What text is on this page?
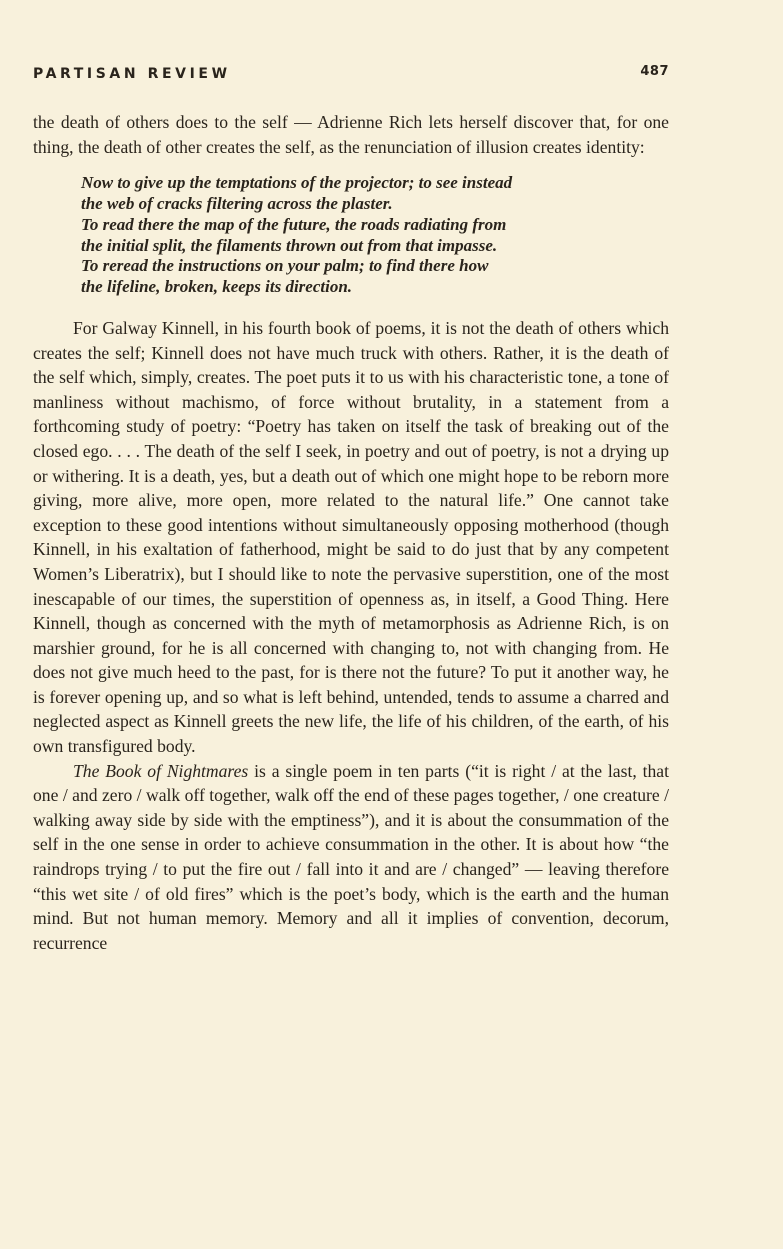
PARTISAN REVIEW	487

the death of others does to the self — Adrienne Rich lets herself discover that, for one thing, the death of other creates the self, as the renunciation of illusion creates identity:

Now to give up the temptations of the projector; to see instead
the web of cracks filtering across the plaster.
To read there the map of the future, the roads radiating from
the initial split, the filaments thrown out from that impasse.
To reread the instructions on your palm; to find there how
the lifeline, broken, keeps its direction.

For Galway Kinnell, in his fourth book of poems, it is not the death of others which creates the self; Kinnell does not have much truck with others. Rather, it is the death of the self which, simply, creates. The poet puts it to us with his characteristic tone, a tone of manliness without machismo, of force without brutality, in a statement from a forthcoming study of poetry: “Poetry has taken on itself the task of breaking out of the closed ego. . . . The death of the self I seek, in poetry and out of poetry, is not a drying up or withering. It is a death, yes, but a death out of which one might hope to be reborn more giving, more alive, more open, more related to the natural life.” One cannot take exception to these good intentions without simultaneously opposing motherhood (though Kinnell, in his exaltation of fatherhood, might be said to do just that by any competent Women’s Liberatrix), but I should like to note the pervasive superstition, one of the most inescapable of our times, the superstition of openness as, in itself, a Good Thing. Here Kinnell, though as concerned with the myth of metamorphosis as Adrienne Rich, is on marshier ground, for he is all concerned with changing to, not with changing from. He does not give much heed to the past, for is there not the future? To put it another way, he is forever opening up, and so what is left behind, untended, tends to assume a charred and neglected aspect as Kinnell greets the new life, the life of his children, of the earth, of his own transfigured body.

The Book of Nightmares is a single poem in ten parts (“it is right / at the last, that one / and zero / walk off together, walk off the end of these pages together, / one creature / walking away side by side with the emptiness”), and it is about the consummation of the self in the one sense in order to achieve consummation in the other. It is about how “the raindrops trying / to put the fire out / fall into it and are / changed” — leaving therefore “this wet site / of old fires” which is the poet’s body, which is the earth and the human mind. But not human memory. Memory and all it implies of convention, decorum, recurrence
